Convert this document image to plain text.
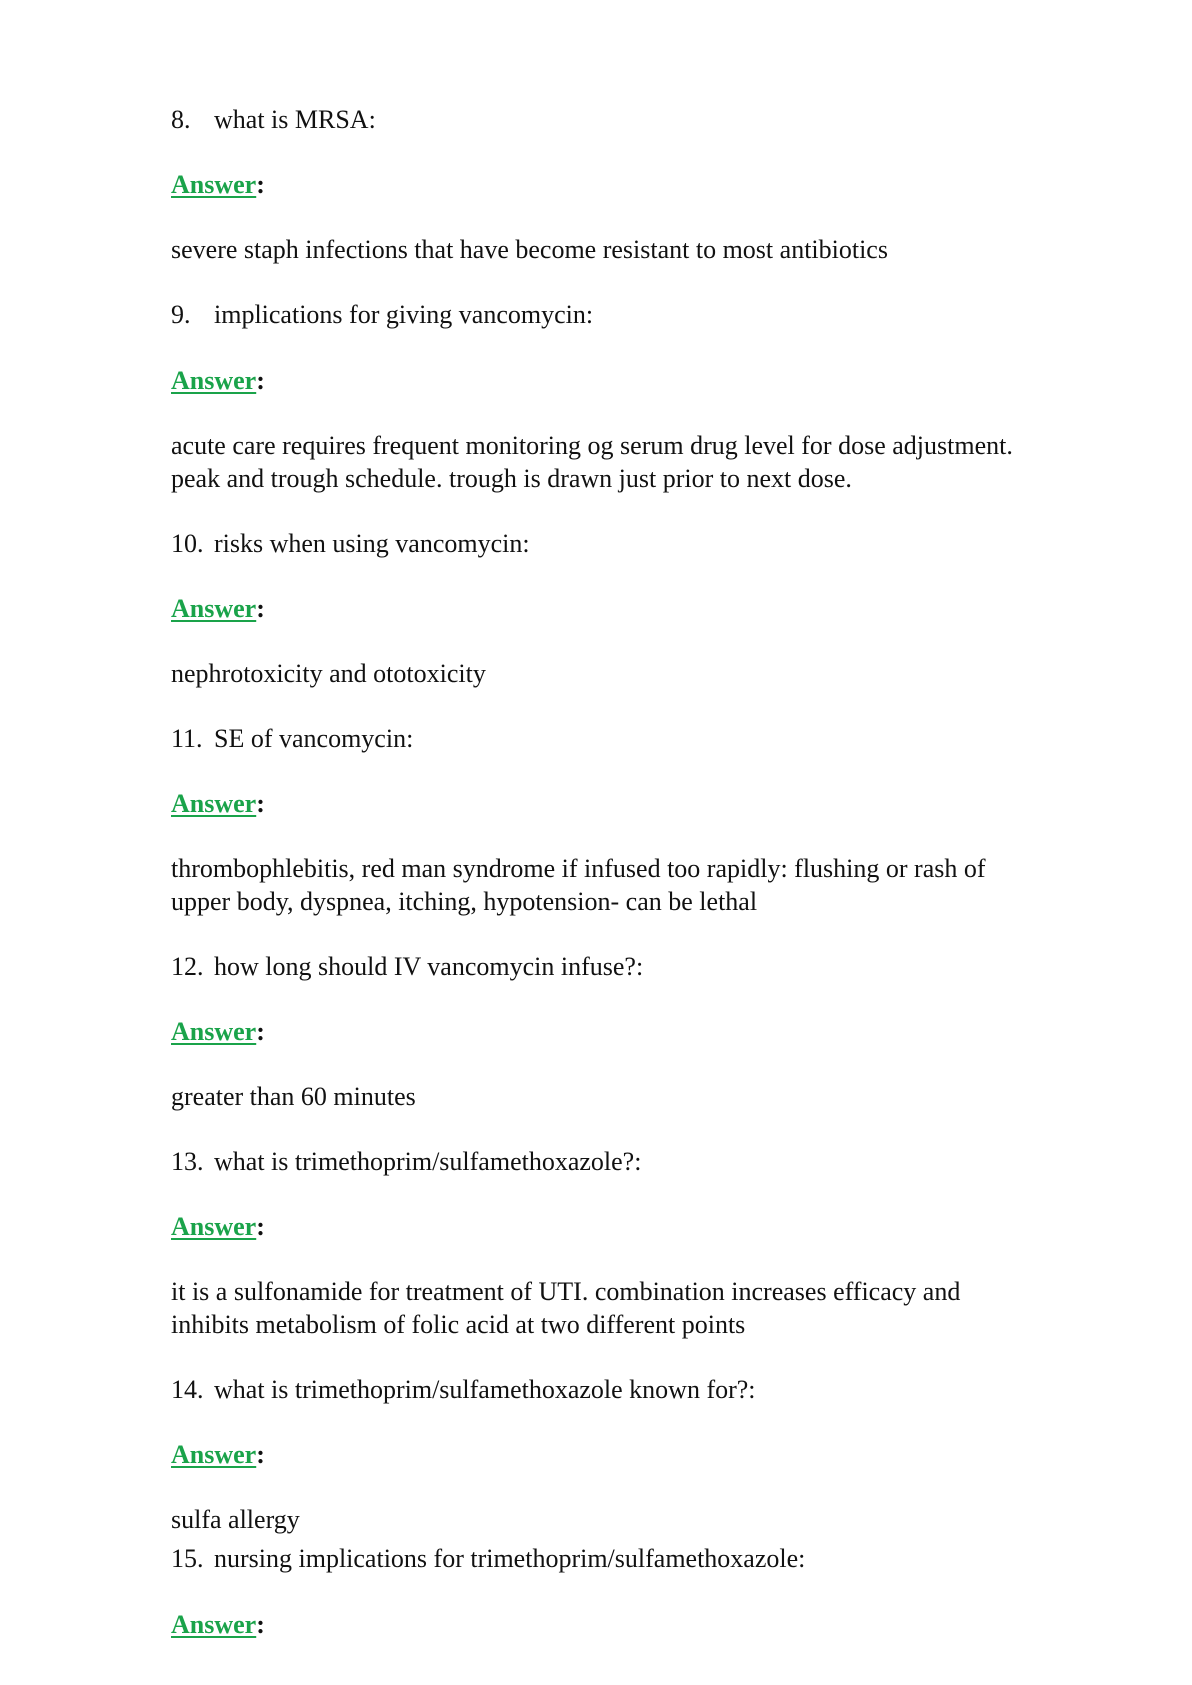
8. what is MRSA:
Answer:
severe staph infections that have become resistant to most antibiotics
9. implications for giving vancomycin:
Answer:
acute care requires frequent monitoring og serum drug level for dose adjustment.
peak and trough schedule. trough is drawn just prior to next dose.
10. risks when using vancomycin:
Answer:
nephrotoxicity and ototoxicity
11. SE of vancomycin:
Answer:
thrombophlebitis, red man syndrome if infused too rapidly: flushing or rash of
upper body, dyspnea, itching, hypotension- can be lethal
12. how long should IV vancomycin infuse?:
Answer:
greater than 60 minutes
13. what is trimethoprim/sulfamethoxazole?:
Answer:
it is a sulfonamide for treatment of UTI. combination increases efficacy and
inhibits metabolism of folic acid at two different points
14. what is trimethoprim/sulfamethoxazole known for?:
Answer:
sulfa allergy
15. nursing implications for trimethoprim/sulfamethoxazole:
Answer:
